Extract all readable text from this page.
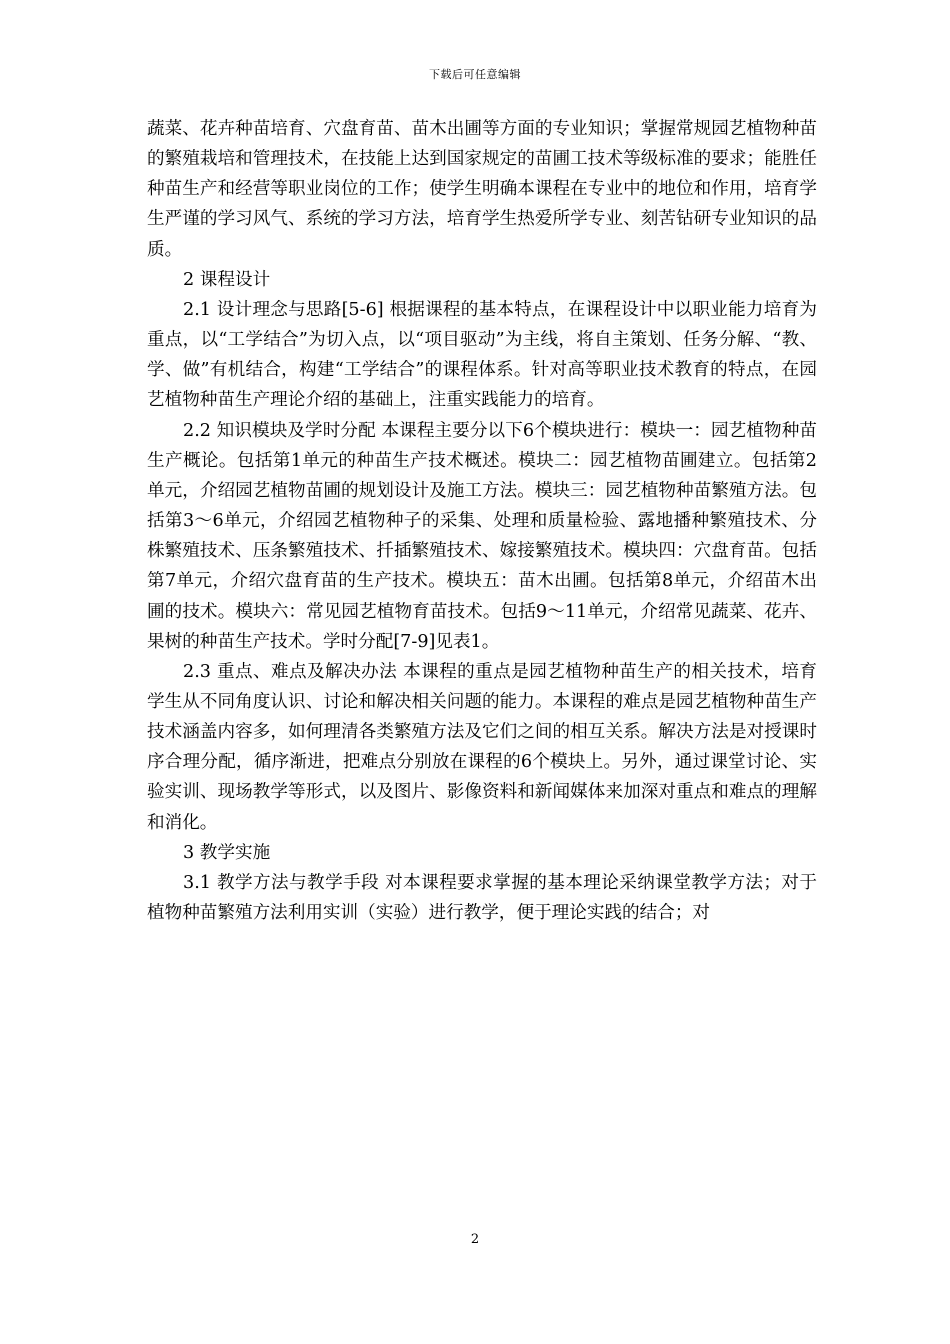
下载后可任意编辑

蔬菜、花卉种苗培育、穴盘育苗、苗木出圃等方面的专业知识；掌握常规园艺植物种苗的繁殖栽培和管理技术，在技能上达到国家规定的苗圃工技术等级标准的要求；能胜任种苗生产和经营等职业岗位的工作；使学生明确本课程在专业中的地位和作用，培育学生严谨的学习风气、系统的学习方法，培育学生热爱所学专业、刻苦钻研专业知识的品质。

2 课程设计

2.1 设计理念与思路[5-6] 根据课程的基本特点，在课程设计中以职业能力培育为重点，以“工学结合”为切入点，以“项目驱动”为主线，将自主策划、任务分解、“教、学、做”有机结合，构建“工学结合”的课程体系。针对高等职业技术教育的特点，在园艺植物种苗生产理论介绍的基础上，注重实践能力的培育。

2.2 知识模块及学时分配 本课程主要分以下6个模块进行：模块一：园艺植物种苗生产概论。包括第1单元的种苗生产技术概述。模块二：园艺植物苗圃建立。包括第2单元，介绍园艺植物苗圃的规划设计及施工方法。模块三：园艺植物种苗繁殖方法。包括第3～6单元，介绍园艺植物种子的采集、处理和质量检验、露地播种繁殖技术、分株繁殖技术、压条繁殖技术、扦插繁殖技术、嫁接繁殖技术。模块四：穴盘育苗。包括第7单元，介绍穴盘育苗的生产技术。模块五：苗木出圃。包括第8单元，介绍苗木出圃的技术。模块六：常见园艺植物育苗技术。包括9～11单元，介绍常见蔬菜、花卉、果树的种苗生产技术。学时分配[7-9]见表1。

2.3 重点、难点及解决办法 本课程的重点是园艺植物种苗生产的相关技术，培育学生从不同角度认识、讨论和解决相关问题的能力。本课程的难点是园艺植物种苗生产技术涵盖内容多，如何理清各类繁殖方法及它们之间的相互关系。解决方法是对授课时序合理分配，循序渐进，把难点分别放在课程的6个模块上。另外，通过课堂讨论、实验实训、现场教学等形式，以及图片、影像资料和新闻媒体来加深对重点和难点的理解和消化。

3 教学实施

3.1 教学方法与教学手段 对本课程要求掌握的基本理论采纳课堂教学方法；对于植物种苗繁殖方法利用实训（实验）进行教学，便于理论实践的结合；对

2
